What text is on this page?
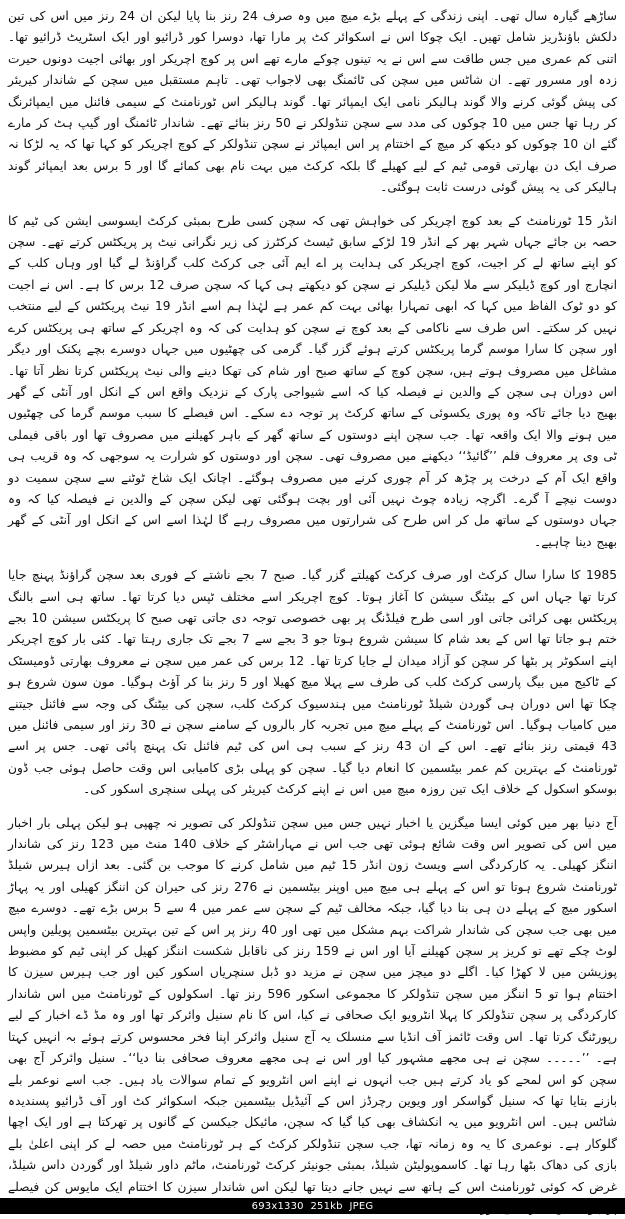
ساڑھے گیارہ سال تھی۔ اپنی زندگی کے پہلے بڑے میچ میں وہ صرف 24 رنز بنا پایا لیکن ان 24 رنز میں اس کی تین دلکش باؤنڈریز شامل تھیں۔ ایک چوکا اس نے اسکوائر کٹ پر مارا تھا، دوسرا کور ڈرائیو اور ایک اسٹریٹ ڈرائیو تھا۔ اتنی کم عمری میں جس طاقت سے اس نے یہ تینوں چوکے مارے تھے اس پر کوچ اچریکر اور بھائی اجیت دونوں حیرت زدہ اور مسرور تھے۔ ان شاٹس میں سچن کی ٹائمنگ بھی لاجواب تھی۔ تاہم مستقبل میں سچن کے شاندار کیریئر کی پیش گوئی کرنے والا گوند ہالیکر نامی ایک ایمپائر تھا۔ گوند ہالیکر اس ٹورنامنٹ کے سیمی فائنل میں ایمپائرنگ کر رہا تھا جس میں 10 چوکوں کی مدد سے سچن تنڈولکر نے 50 رنز بنائے تھے۔ شاندار ٹائمنگ اور گیپ ہٹ کر مارے گئے ان 10 چوکوں کو دیکھ کر میچ کے اختتام پر اس ایمپائر نے سچن تنڈولکر کے کوچ اچریکر کو کہا تھا کہ یہ لڑکا نہ صرف ایک دن بھارتی قومی ٹیم کے لیے کھیلے گا بلکہ کرکٹ میں بہت نام بھی کمائے گا اور 5 برس بعد ایمپائر گوند ہالیکر کی یہ پیش گوئی درست ثابت ہوگئی۔

انڈر 15 ٹورنامنٹ کے بعد کوچ اچریکر کی خواہش تھی کہ سچن کسی طرح بمبئی کرکٹ ایسوسی ایشن کی ٹیم کا حصہ بن جائے جہاں شہر بھر کے انڈر 19 لڑکے سابق ٹیسٹ کرکٹرز کی زیر نگرانی نیٹ پر پریکٹس کرتے تھے۔ سچن کو اپنے ساتھ لے کر اجیت، کوچ اچریکر کی ہدایت پر اے ایم آئی جی کرکٹ کلب گراؤنڈ لے گیا اور وہاں کلب کے انچارج اور کوچ ڈیلیکر سے ملا لیکن ڈیلیکر نے سچن کو دیکھتے ہی کہا کہ سچن صرف 12 برس کا ہے۔ اس نے اجیت کو دو ٹوک الفاظ میں کہا کہ ابھی تمہارا بھائی بہت کم عمر ہے لہٰذا ہم اسے انڈر 19 نیٹ پریکٹس کے لیے منتخب نہیں کر سکتے۔ اس طرف سے ناکامی کے بعد کوچ نے سچن کو ہدایت کی کہ وہ اچریکر کے ساتھ ہی پریکٹس کرے اور سچن کا سارا موسم گرما پریکٹس کرتے ہوئے گزر گیا۔ گرمی کی چھٹیوں میں جہاں دوسرے بچے پکنک اور دیگر مشاغل میں مصروف ہوتے ہیں، سچن کوچ کے ساتھ صبح اور شام کی تھکا دینے والی نیٹ پریکٹس کرتا نظر آتا تھا۔ اس دوران ہی سچن کے والدین نے فیصلہ کیا کہ اسے شیواجی پارک کے نزدیک واقع اس کے انکل اور آنٹی کے گھر بھیج دیا جائے تاکہ وہ پوری یکسوئی کے ساتھ کرکٹ پر توجہ دے سکے۔ اس فیصلے کا سبب موسم گرما کی چھٹیوں میں ہونے والا ایک واقعہ تھا۔ جب سچن اپنے دوستوں کے ساتھ گھر کے باہر کھیلنے میں مصروف تھا اور باقی فیملی ٹی وی پر معروف فلم ’’گائیڈ‘‘ دیکھنے میں مصروف تھی۔ سچن اور دوستوں کو شرارت یہ سوجھی کہ وہ قریب ہی واقع ایک آم کے درخت پر چڑھ کر آم چوری کرنے میں مصروف ہوگئے۔ اچانک ایک شاخ ٹوٹنے سے سچن سمیت دو دوست نیچے آ گرے۔ اگرچہ زیادہ چوٹ نہیں آئی اور بچت ہوگئی تھی لیکن سچن کے والدین نے فیصلہ کیا کہ وہ جہاں دوستوں کے ساتھ مل کر اس طرح کی شرارتوں میں مصروف رہے گا لہٰذا اسے اس کے انکل اور آنٹی کے گھر بھیج دینا چاہیے۔

1985 کا سارا سال کرکٹ اور صرف کرکٹ کھیلتے گزر گیا۔ صبح 7 بجے ناشتے کے فوری بعد سچن گراؤنڈ پہنچ جایا کرتا تھا جہاں اس کے بیٹنگ سیشن کا آغاز ہوتا۔ کوچ اچریکر اسے مختلف ٹپس دیا کرتا تھا۔ ساتھ ہی اسے بالنگ پریکٹس بھی کرائی جاتی اور اسی طرح فیلڈنگ پر بھی خصوصی توجہ دی جاتی تھی صبح کا پریکٹس سیشن 10 بجے ختم ہو جاتا تھا اس کے بعد شام کا سیشن شروع ہوتا جو 3 بجے سے 7 بجے تک جاری رہتا تھا۔ کئی بار کوچ اچریکر اپنے اسکوٹر پر بٹھا کر سچن کو آزاد میدان لے جایا کرتا تھا۔ 12 برس کی عمر میں سچن نے معروف بھارتی ڈومیسٹک کے ٹاکیج میں بیگ پارسی کرکٹ کلب کی طرف سے پہلا میچ کھیلا اور 5 رنز بنا کر آؤٹ ہوگیا۔ مون سون شروع ہو چکا تھا اس دوران ہی گوردن شیلڈ ٹورنامنٹ میں ہندسیوک کرکٹ کلب، سچن کی بیٹنگ کی وجہ سے فائنل جیتنے میں کامیاب ہوگیا۔ اس ٹورنامنٹ کے پہلے میچ میں تجربہ کار بالروں کے سامنے سچن نے 30 رنز اور سیمی فائنل میں 43 قیمتی رنز بنائے تھے۔ اس کے ان 43 رنز کے سبب ہی اس کی ٹیم فائنل تک پہنچ پائی تھی۔ جس پر اسے ٹورنامنٹ کے بہترین کم عمر بیٹسمین کا انعام دیا گیا۔ سچن کو پہلی بڑی کامیابی اس وقت حاصل ہوئی جب ڈون بوسکو اسکول کے خلاف ایک تین روزہ میچ میں اس نے اپنے کرکٹ کیریئر کی پہلی سنچری اسکور کی۔

آج دنیا بھر میں کوئی ایسا میگزین یا اخبار نہیں جس میں سچن تنڈولکر کی تصویر نہ چھپی ہو لیکن پہلی بار اخبار میں اس کی تصویر اس وقت شائع ہوئی تھی جب اس نے مہاراشٹر کے خلاف 140 منٹ میں 123 رنز کی شاندار اننگز کھیلی۔ یہ کارکردگی اسے ویسٹ زون انڈر 15 ٹیم میں شامل کرنے کا موجب بن گئی۔ بعد ازاں ہیرس شیلڈ ٹورنامنٹ شروع ہوتا تو اس کے پہلے ہی میچ میں اوپنر بیٹسمین نے 276 رنز کی حیران کن اننگز کھیلی اور یہ پہاڑ اسکور میچ کے پہلے دن ہی بنا دیا گیا، جبکہ مخالف ٹیم کے سچن سے عمر میں 4 سے 5 برس بڑے تھے۔ دوسرے میچ میں بھی جب سچن کی شاندار شراکت بہم مشکل میں تھی اور 40 رنز پر اس کے تین بہترین بیٹسمین پویلین واپس لوٹ چکے تھے تو کریز پر سچن کھیلنے آیا اور اس نے 159 رنز کی ناقابل شکست اننگز کھیل کر اپنی ٹیم کو مضبوط پوزیشن میں لا کھڑا کیا۔ اگلے دو میچز میں سچن نے مزید دو ڈبل سنچریاں اسکور کیں اور جب ہیرس سیزن کا اختتام ہوا تو 5 اننگز میں سچن تنڈولکر کا مجموعی اسکور 596 رنز تھا۔ اسکولوں کے ٹورنامنٹ میں اس شاندار کارکردگی پر سچن تنڈولکر کا پہلا انٹرویو ایک صحافی نے کیا، اس کا نام سنیل وائرکر تھا اور وہ مڈ ڈے اخبار کے لیے رپورٹنگ کرتا تھا۔ اس وقت ٹائمز آف انڈیا سے منسلک یہ آج سنیل وائرکر اپنا فخر محسوس کرتے ہوئے بہ انہیں کہتا ہے۔ ’’۔۔۔۔۔ سچن نے ہی مجھے مشہور کیا اور اس نے ہی مجھے معروف صحافی بنا دیا‘‘۔ سنیل وائرکر آج بھی سچن کو اس لمحے کو یاد کرتے ہیں جب انہوں نے اپنے اس انٹرویو کے تمام سوالات یاد ہیں۔ جب اسے نوعمر بلے بازنے بتایا تھا کہ سنیل گواسکر اور ویوین رچرڈز اس کے آئیڈیل بیٹسمین جبکہ اسکوائر کٹ اور آف ڈرائیو پسندیدہ شاٹس ہیں۔ اس انٹرویو میں یہ انکشاف بھی کیا گیا کہ سچن، مائیکل جیکسن کے گانوں پر تھرکتا ہے اور ایک اچھا گلوکار ہے۔ نوعمری کا یہ وہ زمانہ تھا، جب سچن تنڈولکر کرکٹ کے ہر ٹورنامنٹ میں حصہ لے کر اپنی اعلیٰ بلے بازی کی دھاک بٹھا رہا تھا۔ کاسموپولیٹن شیلڈ، بمبئی جونیئر کرکٹ ٹورنامنٹ، ماٹم داور شیلڈ اور گوردن داس شیلڈ، غرض کہ کوئی ٹورنامنٹ اس کے ہاتھ سے نہیں جانے دیتا تھا لیکن اس شاندار سیزن کا اختتام ایک مایوس کن فیصلے

693x1330  251kb  JPEG
